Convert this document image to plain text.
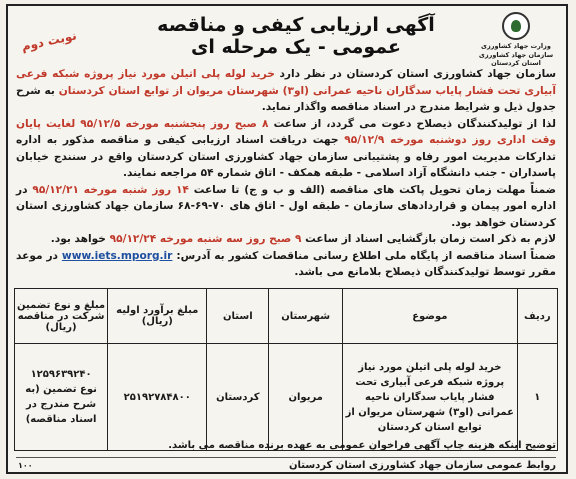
وزارت جهاد کشاورزی
سازمان جهاد کشاورزی استان کردستان
آگهی ارزیابی کیفی و مناقصه عمومی - یک مرحله ای
نوبت دوم

سازمان جهاد کشاورزی استان کردستان در نظر دارد خرید لوله پلی اتیلن مورد نیاز پروژه شبکه فرعی آبیاری تحت فشار پایاب سدگاران ناحیه عمرانی (او۳) شهرستان مریوان از توابع استان کردستان به شرح جدول ذیل و شرایط مندرج در اسناد مناقصه واگذار نماید.

لذا از تولیدکنندگان ذیصلاح دعوت می گردد، از ساعت ۸ صبح روز پنجشنبه مورخه ۹۵/۱۲/۵ لغایت پایان وقت اداری روز دوشنبه مورخه ۹۵/۱۲/۹ جهت دریافت اسناد ارزیابی کیفی و مناقصه مذکور به اداره تدارکات مدیریت امور رفاه و پشتیبانی سازمان جهاد کشاورزی استان کردستان واقع در سنندج خیابان پاسداران - جنب دانشگاه آزاد اسلامی - طبقه همکف - اتاق شماره ۵۴ مراجعه نمایند.

ضمناً مهلت زمان تحویل پاکت های مناقصه (الف و ب و ج) تا ساعت ۱۴ روز شنبه مورخه ۹۵/۱۲/۲۱ در اداره امور پیمان و قراردادهای سازمان - طبقه اول - اتاق های ۷۰-۶۹-۶۸ سازمان جهاد کشاورزی استان کردستان خواهد بود.

لازم به ذکر است زمان بازگشایی اسناد از ساعت ۹ صبح روز سه شنبه مورخه ۹۵/۱۲/۲۴ خواهد بود.

ضمناً اسناد مناقصه از پایگاه ملی اطلاع رسانی مناقصات کشور به آدرس: www.iets.mporg.ir در موعد مقرر توسط تولیدکنندگان ذیصلاح بلامانع می باشد.

ردیف	موضوع	شهرستان	استان	مبلغ برآورد اولیه (ریال)	مبلغ و نوع تضمین شرکت در مناقصه (ریال)
۱	خرید لوله پلی اتیلن مورد نیاز پروژه شبکه فرعی آبیاری تحت فشار پایاب سدگاران ناحیه عمرانی (او۳) شهرستان مریوان از توابع استان کردستان	مریوان	کردستان	۲۵۱۹۲۷۸۴۸۰۰	۱۲۵۹۶۳۹۲۴۰
نوع تضمین (به شرح مندرج در اسناد مناقصه)
توضیح اینکه هزینه چاپ آگهی فراخوان عمومی به عهده برنده مناقصه می باشد.
روابط عمومی سازمان جهاد کشاورزی استان کردستان
۱۰۰
